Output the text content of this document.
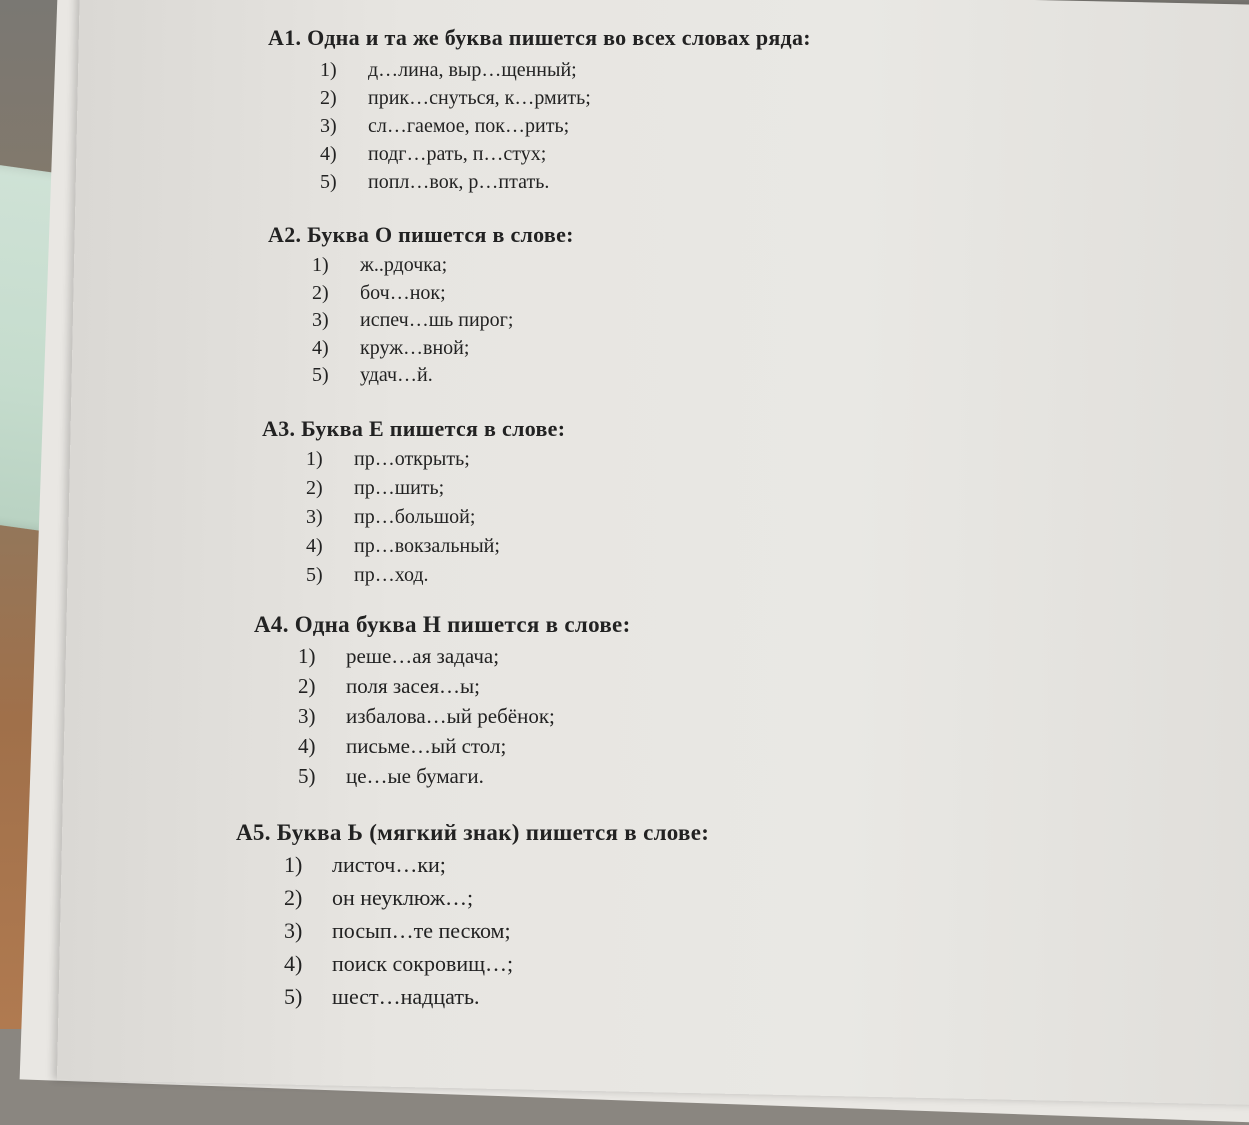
А1. Одна и та же буква пишется во всех словах ряда:
1)	д…лина, выр…щенный;
2)	прик…снуться, к…рмить;
3)	сл…гаемое, пок…рить;
4)	подг…рать, п…стух;
5)	попл…вок, р…птать.
А2. Буква О пишется в слове:
1)	ж..рдочка;
2)	боч…нок;
3)	испеч…шь пирог;
4)	круж…вной;
5)	удач…й.
А3. Буква Е пишется в слове:
1)	пр…открыть;
2)	пр…шить;
3)	пр…большой;
4)	пр…вокзальный;
5)	пр…ход.
А4. Одна буква Н пишется в слове:
1)	реше…ая задача;
2)	поля засея…ы;
3)	избалова…ый ребёнок;
4)	письме…ый стол;
5)	це…ые бумаги.
А5. Буква Ь (мягкий знак) пишется в слове:
1)	листоч…ки;
2)	он неуклюж…;
3)	посып…те песком;
4)	поиск сокровищ…;
5)	шест…надцать.
